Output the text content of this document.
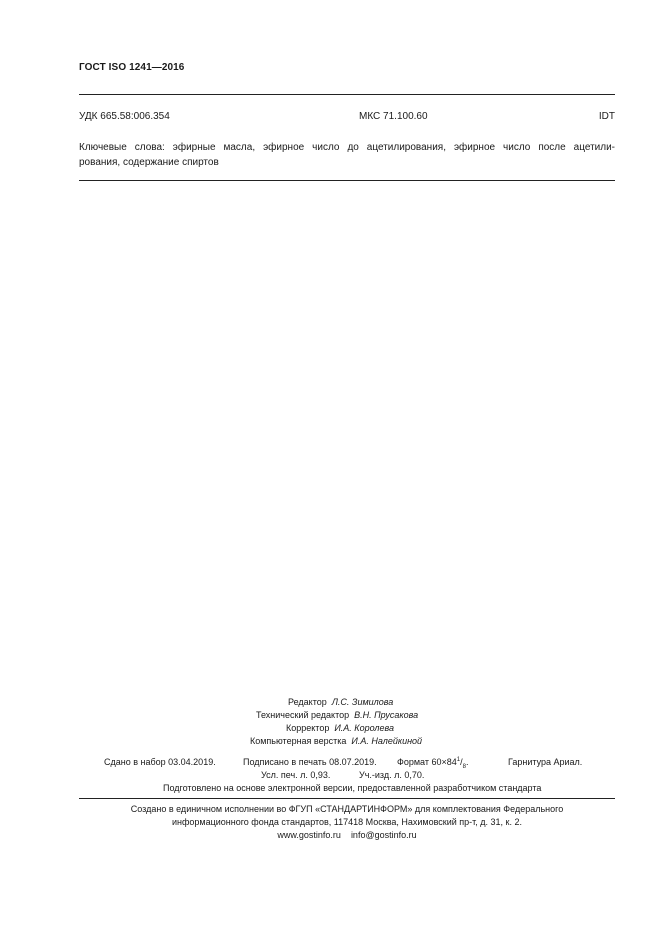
ГОСТ ISO 1241—2016
УДК 665.58:006.354	МКС 71.100.60	IDT
Ключевые слова: эфирные масла, эфирное число до ацетилирования, эфирное число после ацетили-
рования, содержание спиртов
Редактор Л.С. Зимилова
Технический редактор В.Н. Прусакова
Корректор И.А. Королева
Компьютерная верстка И.А. Налейкиной
Сдано в набор 03.04.2019.	Подписано в печать 08.07.2019. Формат $60\times 84^1/_8$.	Гарнитура Ариал.
Усл. печ. л. 0,93.	Уч.-изд. л. 0,70.
Подготовлено на основе электронной версии, предоставленной разработчиком стандарта
Создано в единичном исполнении во ФГУП «СТАНДАРТИНФОРМ» для комплектования Федерального
информационного фонда стандартов, 117418 Москва, Нахимовский пр-т, д. 31, к. 2.
www.gostinfo.ru info@gostinfo.ru
